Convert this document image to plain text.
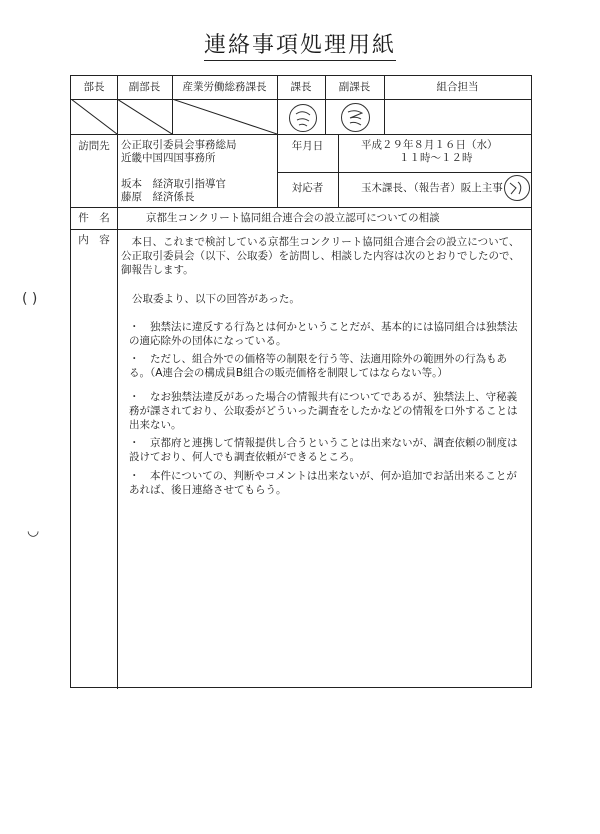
連絡事項処理用紙
( )
◡
部長	副部長	産業労働総務課長	課長	副課長	組合担当
訪問先	公正取引委員会事務総局
近畿中国四国事務所
坂本　経済取引指導官
藤原　経済係長
年月日	平成２９年８月１６日（水）
１１時～１２時
対応者	玉木課長、（報告者）阪上主事
件　名	京都生コンクリート協同組合連合会の設立認可についての相談
内　容	　本日、これまで検討している京都生コンクリート協同組合連合会の設立について、公正取引委員会（以下、公取委）を訪問し、相談した内容は次のとおりでしたので、御報告します。
公取委より、以下の回答があった。
・　独禁法に違反する行為とは何かということだが、基本的には協同組合は独禁法の適応除外の団体になっている。
・　ただし、組合外での価格等の制限を行う等、法適用除外の範囲外の行為もある。（A連合会の構成員B組合の販売価格を制限してはならない等。）
・　なお独禁法違反があった場合の情報共有についてであるが、独禁法上、守秘義務が課されており、公取委がどういった調査をしたかなどの情報を口外することは出来ない。
・　京都府と連携して情報提供し合うということは出来ないが、調査依頼の制度は設けており、何人でも調査依頼ができるところ。
・　本件についての、判断やコメントは出来ないが、何か追加でお話出来ることがあれば、後日連絡させてもらう。
